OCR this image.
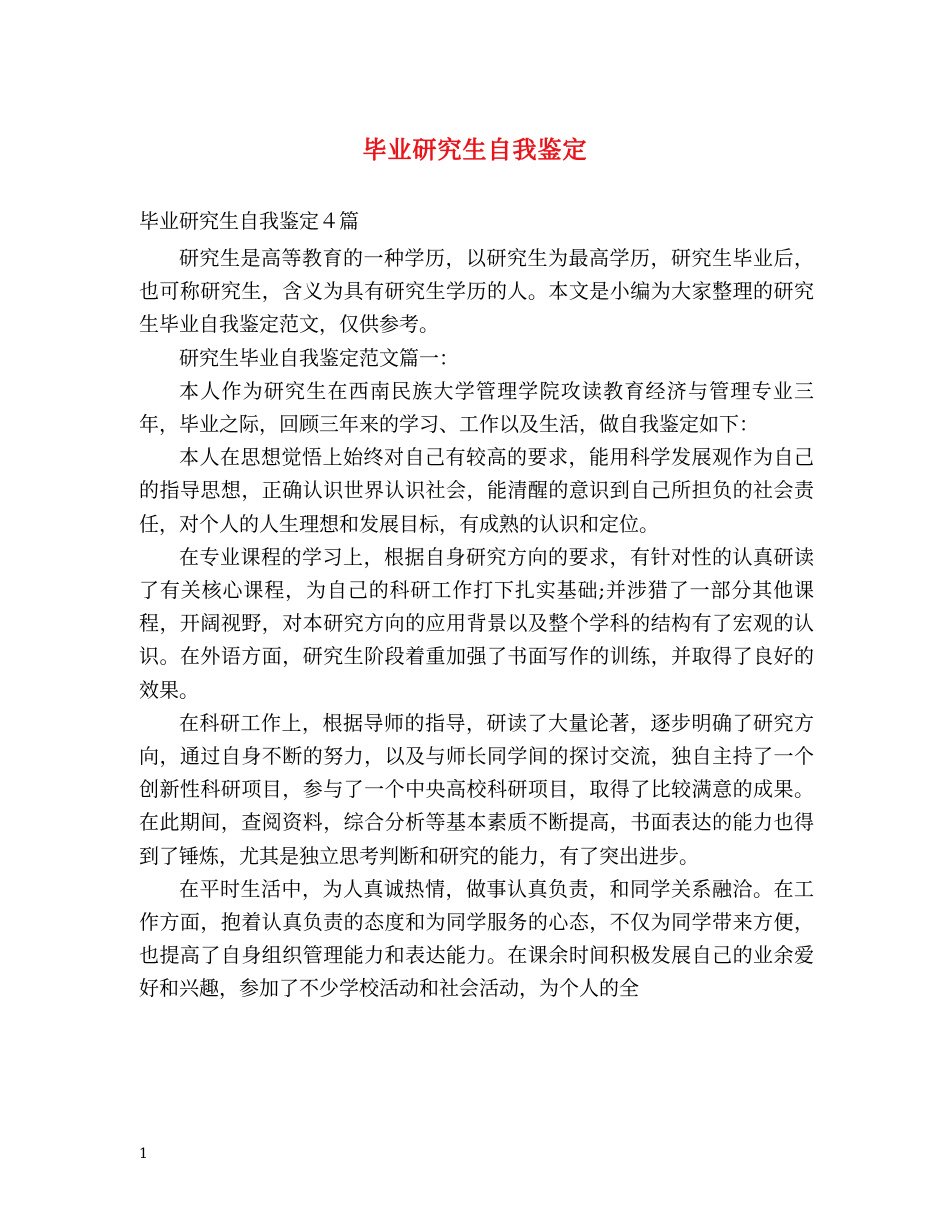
毕业研究生自我鉴定
毕业研究生自我鉴定４篇

研究生是高等教育的一种学历，以研究生为最高学历，研究生毕业后，也可称研究生，含义为具有研究生学历的人。本文是小编为大家整理的研究生毕业自我鉴定范文，仅供参考。

研究生毕业自我鉴定范文篇一：

本人作为研究生在西南民族大学管理学院攻读教育经济与管理专业三年，毕业之际，回顾三年来的学习、工作以及生活，做自我鉴定如下：

本人在思想觉悟上始终对自己有较高的要求，能用科学发展观作为自己的指导思想，正确认识世界认识社会，能清醒的意识到自己所担负的社会责任，对个人的人生理想和发展目标，有成熟的认识和定位。

在专业课程的学习上，根据自身研究方向的要求，有针对性的认真研读了有关核心课程，为自己的科研工作打下扎实基础;并涉猎了一部分其他课程，开阔视野，对本研究方向的应用背景以及整个学科的结构有了宏观的认识。在外语方面，研究生阶段着重加强了书面写作的训练，并取得了良好的效果。

在科研工作上，根据导师的指导，研读了大量论著，逐步明确了研究方向，通过自身不断的努力，以及与师长同学间的探讨交流，独自主持了一个创新性科研项目，参与了一个中央高校科研项目，取得了比较满意的成果。在此期间，查阅资料，综合分析等基本素质不断提高，书面表达的能力也得到了锤炼，尤其是独立思考判断和研究的能力，有了突出进步。

在平时生活中，为人真诚热情，做事认真负责，和同学关系融洽。在工作方面，抱着认真负责的态度和为同学服务的心态，不仅为同学带来方便，也提高了自身组织管理能力和表达能力。在课余时间积极发展自己的业余爱好和兴趣，参加了不少学校活动和社会活动，为个人的全

1
